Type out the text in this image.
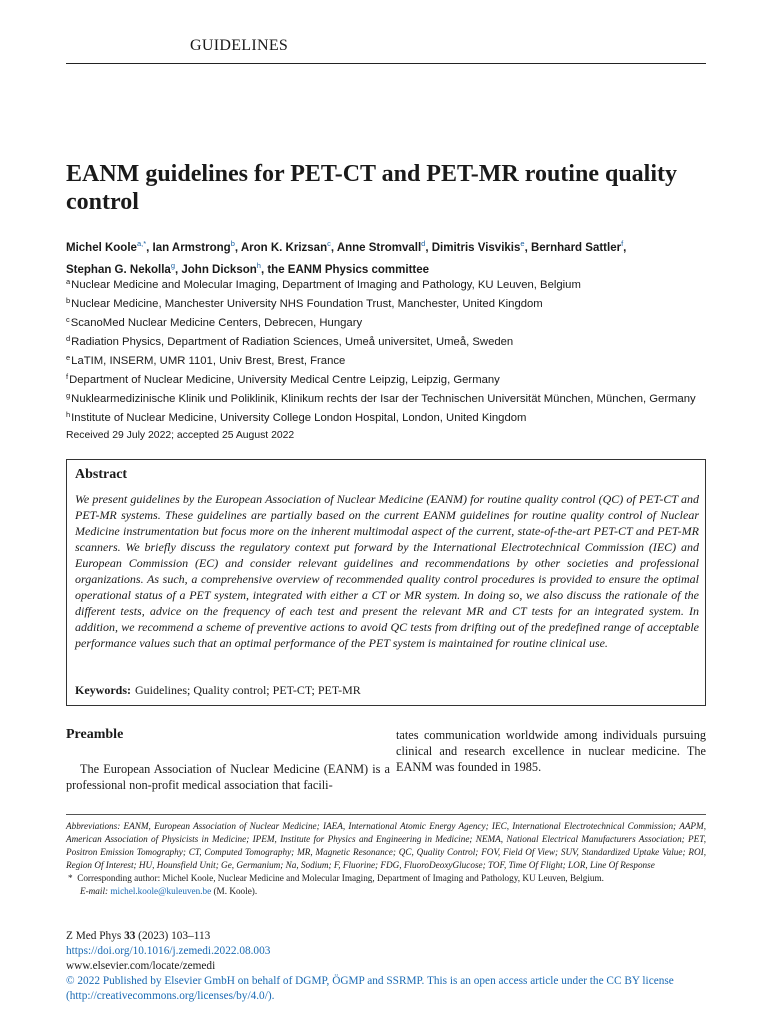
GUIDELINES
EANM guidelines for PET-CT and PET-MR routine quality control
Michel Koole$^{a,*}$, Ian Armstrong$^b$, Aron K. Krizsan$^c$, Anne Stromvall$^d$, Dimitris Visvikis$^e$, Bernhard Sattler$^f$,
Stephan G. Nekolla$^g$, John Dickson$^h$, the EANM Physics committee

$^a$Nuclear Medicine and Molecular Imaging, Department of Imaging and Pathology, KU Leuven, Belgium

$^b$Nuclear Medicine, Manchester University NHS Foundation Trust, Manchester, United Kingdom

$^c$ScanoMed Nuclear Medicine Centers, Debrecen, Hungary

$^d$Radiation Physics, Department of Radiation Sciences, Umeå universitet, Umeå, Sweden

$^e$LaTIM, INSERM, UMR 1101, Univ Brest, Brest, France

$^f$Department of Nuclear Medicine, University Medical Centre Leipzig, Leipzig, Germany

$^g$Nuklearmedizinische Klinik und Poliklinik, Klinikum rechts der Isar der Technischen Universität München, München, Germany

$^h$Institute of Nuclear Medicine, University College London Hospital, London, United Kingdom

Received 29 July 2022; accepted 25 August 2022
Abstract
We present guidelines by the European Association of Nuclear Medicine (EANM) for routine quality control (QC) of PET-CT and PET-MR systems. These guidelines are partially based on the current EANM guidelines for routine quality control of Nuclear Medicine instrumentation but focus more on the inherent multimodal aspect of the current, state-of-the-art PET-CT and PET-MR scanners. We briefly discuss the regulatory context put forward by the International Electrotechnical Commission (IEC) and European Commission (EC) and consider relevant guidelines and recommendations by other societies and professional organizations. As such, a comprehensive overview of recommended quality control procedures is provided to ensure the optimal operational status of a PET system, integrated with either a CT or MR system. In doing so, we also discuss the rationale of the different tests, advice on the frequency of each test and present the relevant MR and CT tests for an integrated system. In addition, we recommend a scheme of preventive actions to avoid QC tests from drifting out of the predefined range of acceptable performance values such that an optimal performance of the PET system is maintained for routine clinical use.
Keywords: Guidelines; Quality control; PET-CT; PET-MR
Preamble
The European Association of Nuclear Medicine (EANM) is a professional non-profit medical association that facili-
tates communication worldwide among individuals pursuing clinical and research excellence in nuclear medicine. The EANM was founded in 1985.
Abbreviations: EANM, European Association of Nuclear Medicine; IAEA, International Atomic Energy Agency; IEC, International Electrotechnical Commission; AAPM, American Association of Physicists in Medicine; IPEM, Institute for Physics and Engineering in Medicine; NEMA, National Electrical Manufacturers Association; PET, Positron Emission Tomography; CT, Computed Tomography; MR, Magnetic Resonance; QC, Quality Control; FOV, Field Of View; SUV, Standardized Uptake Value; ROI, Region Of Interest; HU, Hounsfield Unit; Ge, Germanium; Na, Sodium; F, Fluorine; FDG, FluoroDeoxyGlucose; TOF, Time Of Flight; LOR, Line Of Response
* Corresponding author: Michel Koole, Nuclear Medicine and Molecular Imaging, Department of Imaging and Pathology, KU Leuven, Belgium.
E-mail: michel.koole@kuleuven.be (M. Koole).
Z Med Phys 33 (2023) 103–113
https://doi.org/10.1016/j.zemedi.2022.08.003
www.elsevier.com/locate/zemedi
© 2022 Published by Elsevier GmbH on behalf of DGMP, ÖGMP and SSRMP. This is an open access article under the CC BY license (http://creativecommons.org/licenses/by/4.0/).
